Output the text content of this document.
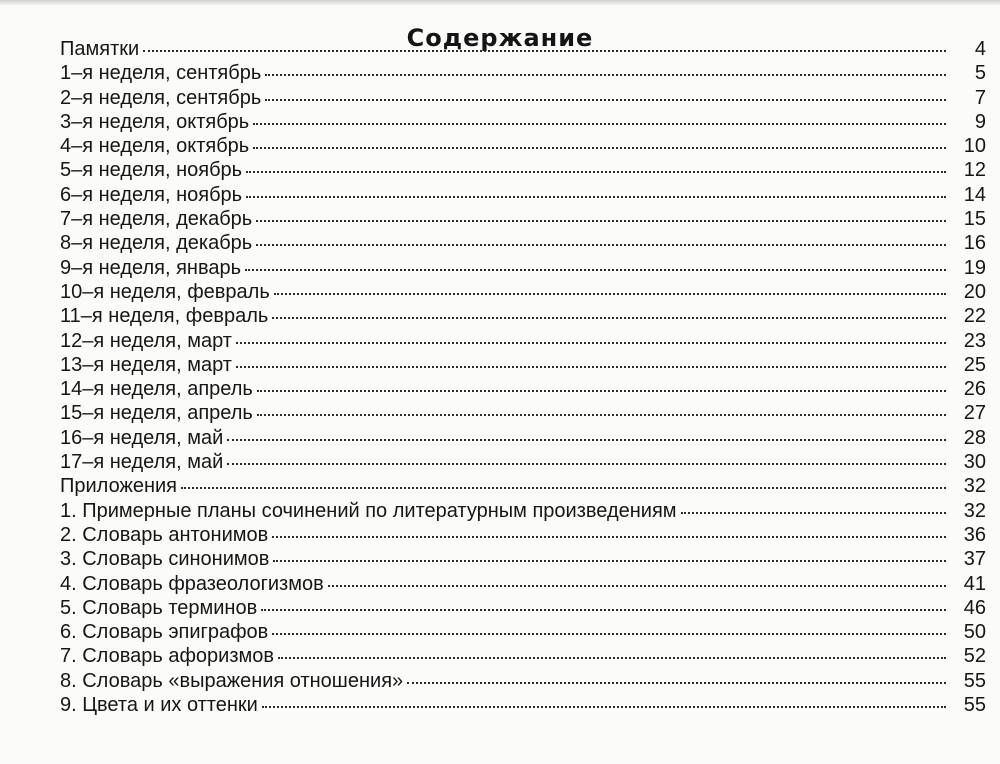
Содержание
Памятки	4
1–я неделя, сентябрь	5
2–я неделя, сентябрь	7
3–я неделя, октябрь	9
4–я неделя, октябрь	10
5–я неделя, ноябрь	12
6–я неделя, ноябрь	14
7–я неделя, декабрь	15
8–я неделя, декабрь	16
9–я неделя, январь	19
10–я неделя, февраль	20
11–я неделя, февраль	22
12–я неделя, март	23
13–я неделя, март	25
14–я неделя, апрель	26
15–я неделя, апрель	27
16–я неделя, май	28
17–я неделя, май	30
Приложения	32
1. Примерные планы сочинений по литературным произведениям	32
2. Словарь антонимов	36
3. Словарь синонимов	37
4. Словарь фразеологизмов	41
5. Словарь терминов	46
6. Словарь эпиграфов	50
7. Словарь афоризмов	52
8. Словарь «выражения отношения»	55
9. Цвета и их оттенки	55
